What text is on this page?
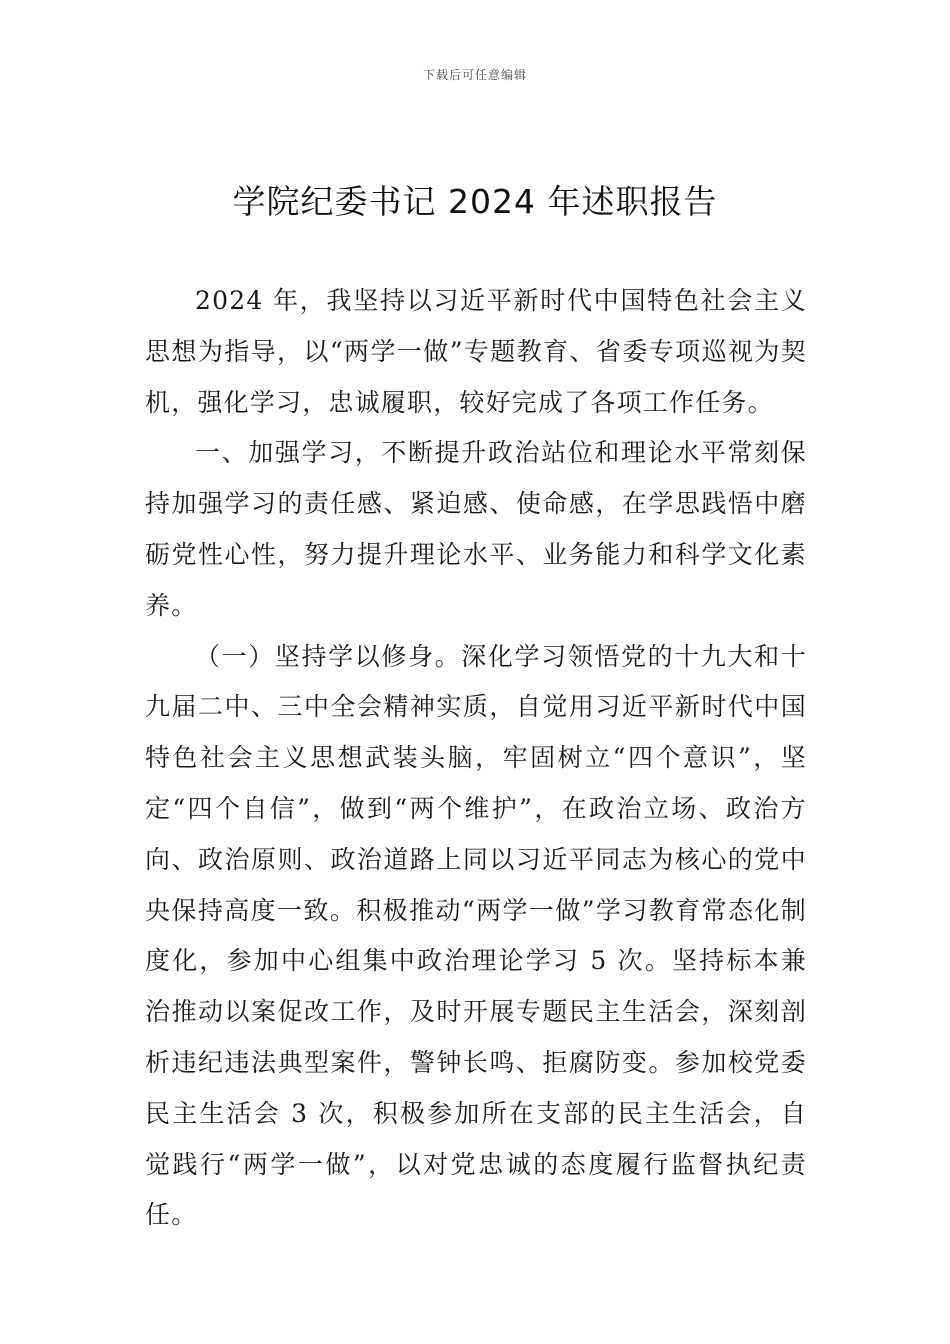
下载后可任意编辑
学院纪委书记 2024 年述职报告

2024 年，我坚持以习近平新时代中国特色社会主义思想为指导，以“两学一做”专题教育、省委专项巡视为契机，强化学习，忠诚履职，较好完成了各项工作任务。

一、加强学习，不断提升政治站位和理论水平常刻保持加强学习的责任感、紧迫感、使命感，在学思践悟中磨砺党性心性，努力提升理论水平、业务能力和科学文化素养。

（一）坚持学以修身。深化学习领悟党的十九大和十九届二中、三中全会精神实质，自觉用习近平新时代中国特色社会主义思想武装头脑，牢固树立“四个意识”，坚定“四个自信”，做到“两个维护”，在政治立场、政治方向、政治原则、政治道路上同以习近平同志为核心的党中央保持高度一致。积极推动“两学一做”学习教育常态化制度化，参加中心组集中政治理论学习 5 次。坚持标本兼治推动以案促改工作，及时开展专题民主生活会，深刻剖析违纪违法典型案件，警钟长鸣、拒腐防变。参加校党委民主生活会 3 次，积极参加所在支部的民主生活会，自觉践行“两学一做”，以对党忠诚的态度履行监督执纪责任。
